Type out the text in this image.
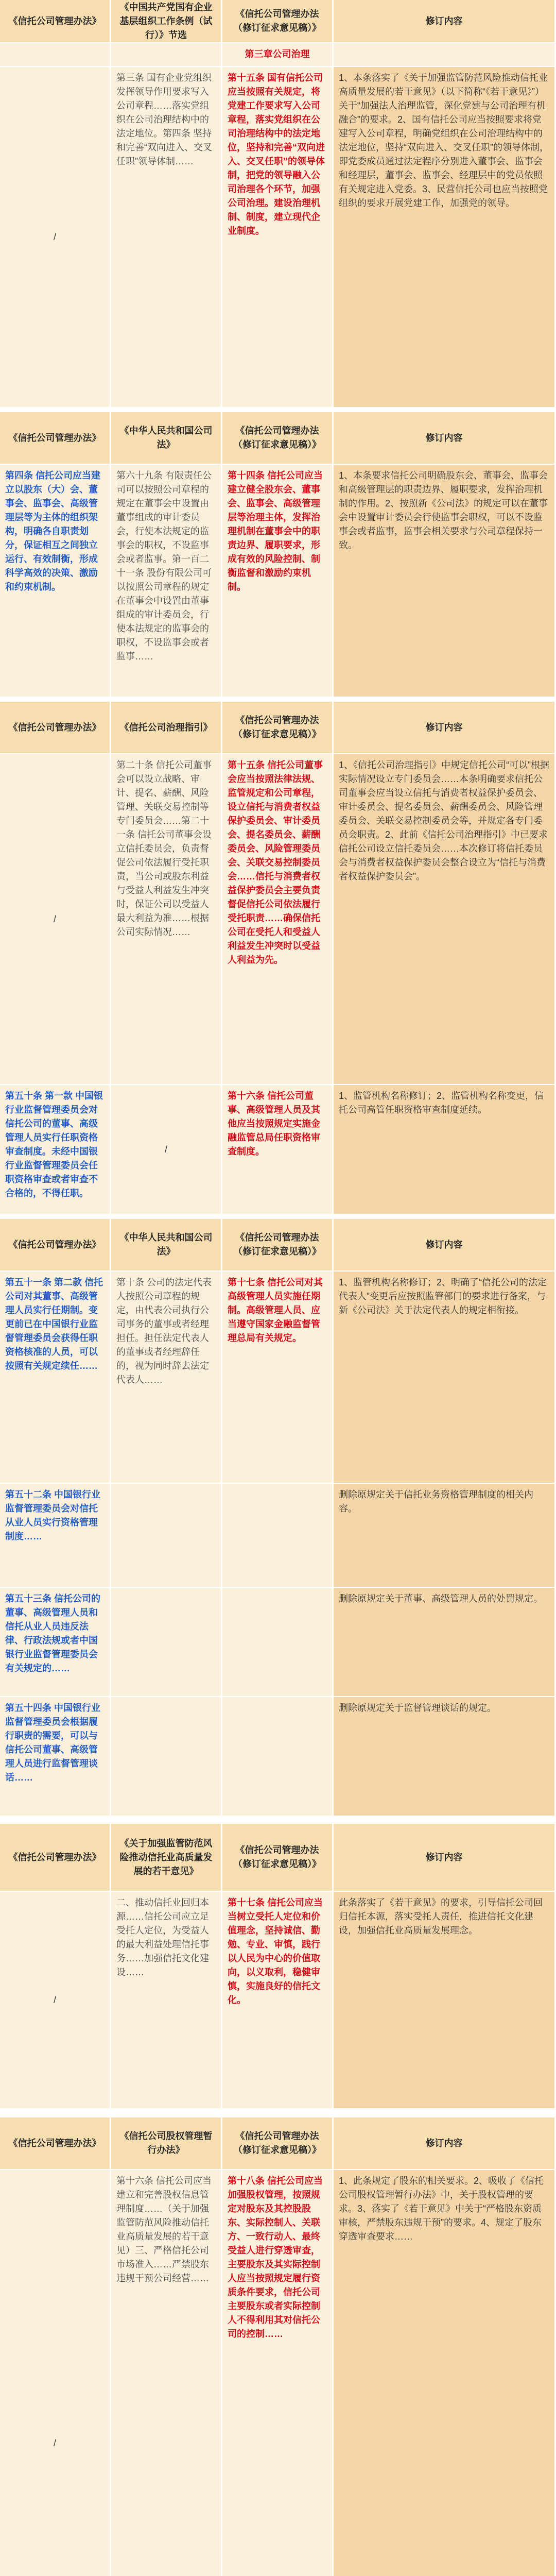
《信托公司管理办法》
《中国共产党国有企业基层组织工作条例（试行）》节选
《信托公司管理办法（修订征求意见稿）》
修订内容
第三章公司治理
/
第三条 国有企业党组织发挥领导作用要求写入公司章程……落实党组织在公司治理结构中的法定地位。第四条 坚持和完善“双向进入、交叉任职”领导体制……
第十五条 国有信托公司应当按照有关规定，将党建工作要求写入公司章程，落实党组织在公司治理结构中的法定地位，坚持和完善“双向进入、交叉任职”的领导体制，把党的领导融入公司治理各个环节，加强公司治理。建设治理机制、制度，建立现代企业制度。
1、本条落实了《关于加强监管防范风险推动信托业高质量发展的若干意见》（以下简称“《若干意见》”）关于“加强法人治理监管，深化党建与公司治理有机融合”的要求。2、国有信托公司应当按照要求将党建写入公司章程，明确党组织在公司治理结构中的法定地位，坚持“双向进入、交叉任职”的领导体制，即党委成员通过法定程序分别进入董事会、监事会和经理层，董事会、监事会、经理层中的党员依照有关规定进入党委。3、民营信托公司也应当按照党组织的要求开展党建工作，加强党的领导。
《信托公司管理办法》
《中华人民共和国公司法》
《信托公司管理办法（修订征求意见稿）》
修订内容
第四条 信托公司应当建立以股东（大）会、董事会、监事会、高级管理层等为主体的组织架构，明确各自职责划分，保证相互之间独立运行、有效制衡，形成科学高效的决策、激励和约束机制。
第六十九条 有限责任公司可以按照公司章程的规定在董事会中设置由董事组成的审计委员会，行使本法规定的监事会的职权，不设监事会或者监事。第一百二十一条 股份有限公司可以按照公司章程的规定在董事会中设置由董事组成的审计委员会，行使本法规定的监事会的职权，不设监事会或者监事……
第十四条 信托公司应当建立健全股东会、董事会、监事会、高级管理层等治理主体，发挥治理机制在董事会中的职责边界、履职要求，形成有效的风险控制、制衡监督和激励约束机制。
1、本条要求信托公司明确股东会、董事会、监事会和高级管理层的职责边界、履职要求，发挥治理机制的作用。2、按照新《公司法》的规定可以在董事会中设置审计委员会行使监事会职权，可以不设监事会或者监事，监事会相关要求与公司章程保持一致。
《信托公司管理办法》	《信托公司治理指引》
《信托公司管理办法（修订征求意见稿）》
修订内容
/
第二十条 信托公司董事会可以设立战略、审计、提名、薪酬、风险管理、关联交易控制等专门委员会……第二十一条 信托公司董事会设立信托委员会，负责督促公司依法履行受托职责，当公司或股东利益与受益人利益发生冲突时，保证公司以受益人最大利益为准……根据公司实际情况……
第十五条 信托公司董事会应当按照法律法规、监管规定和公司章程，设立信托与消费者权益保护委员会、审计委员会、提名委员会、薪酬委员会、风险管理委员会、关联交易控制委员会……信托与消费者权益保护委员会主要负责督促信托公司依法履行受托职责……确保信托公司在受托人和受益人利益发生冲突时以受益人利益为先。
1、《信托公司治理指引》中规定信托公司“可以”根据实际情况设立专门委员会……本条明确要求信托公司董事会应当设立信托与消费者权益保护委员会、审计委员会、提名委员会、薪酬委员会、风险管理委员会、关联交易控制委员会等，并规定各专门委员会职责。2、此前《信托公司治理指引》中已要求信托公司设立信托委员会……本次修订将信托委员会与消费者权益保护委员会整合设立为“信托与消费者权益保护委员会”。
第五十条 第一款 中国银行业监督管理委员会对信托公司的董事、高级管理人员实行任职资格审查制度。未经中国银行业监督管理委员会任职资格审查或者审查不合格的，不得任职。
/
第十六条 信托公司董事、高级管理人员及其他应当按照规定实施金融监管总局任职资格审查制度。
1、监管机构名称修订；2、监管机构名称变更，信托公司高管任职资格审查制度延续。
《信托公司管理办法》
《中华人民共和国公司法》
《信托公司管理办法（修订征求意见稿）》
修订内容
第五十一条 第二款 信托公司对其董事、高级管理人员实行任期制。变更前已在中国银行业监督管理委员会获得任职资格核准的人员，可以按照有关规定续任……
第十条 公司的法定代表人按照公司章程的规定，由代表公司执行公司事务的董事或者经理担任。担任法定代表人的董事或者经理辞任的，视为同时辞去法定代表人……
第十七条 信托公司对其高级管理人员实施任期制。高级管理人员、应当遵守国家金融监督管理总局有关规定。
1、监管机构名称修订；2、明确了“信托公司的法定代表人”变更后应按照监管部门的要求进行备案，与新《公司法》关于法定代表人的规定相衔接。
第五十二条 中国银行业监督管理委员会对信托从业人员实行资格管理制度……
删除原规定关于信托业务资格管理制度的相关内容。
第五十三条 信托公司的董事、高级管理人员和信托从业人员违反法律、行政法规或者中国银行业监督管理委员会有关规定的……
删除原规定关于董事、高级管理人员的处罚规定。
第五十四条 中国银行业监督管理委员会根据履行职责的需要，可以与信托公司董事、高级管理人员进行监督管理谈话……
删除原规定关于监督管理谈话的规定。
《信托公司管理办法》
《关于加强监管防范风险推动信托业高质量发展的若干意见》
《信托公司管理办法（修订征求意见稿）》
修订内容
/
二、推动信托业回归本源……信托公司应立足受托人定位，为受益人的最大利益处理信托事务……加强信托文化建设……
第十七条 信托公司应当当树立受托人定位和价值理念，坚持诚信、勤勉、专业、审慎，践行以人民为中心的价值取向，以义取利，稳健审慎，实施良好的信托文化。
此条落实了《若干意见》的要求，引导信托公司回归信托本源，落实受托人责任，推进信托文化建设，加强信托业高质量发展理念。
《信托公司管理办法》
《信托公司股权管理暂行办法》
《信托公司管理办法（修订征求意见稿）》
修订内容
/
第十六条 信托公司应当建立和完善股权信息管理制度……（关于加强监管防范风险推动信托业高质量发展的若干意见）三、严格信托公司市场准入……严禁股东违规干预公司经营……
第十八条 信托公司应当加强股权管理，按照规定对股东及其控股股东、实际控制人、关联方、一致行动人、最终受益人进行穿透审查，主要股东及其实际控制人应当按照规定履行资质条件要求，信托公司主要股东或者实际控制人不得利用其对信托公司的控制……
1、此条规定了股东的相关要求。2、吸收了《信托公司股权管理暂行办法》中，关于股权管理的要求。3、落实了《若干意见》中关于“严格股东资质审核，严禁股东违规干预”的要求。4、规定了股东穿透审查要求……
